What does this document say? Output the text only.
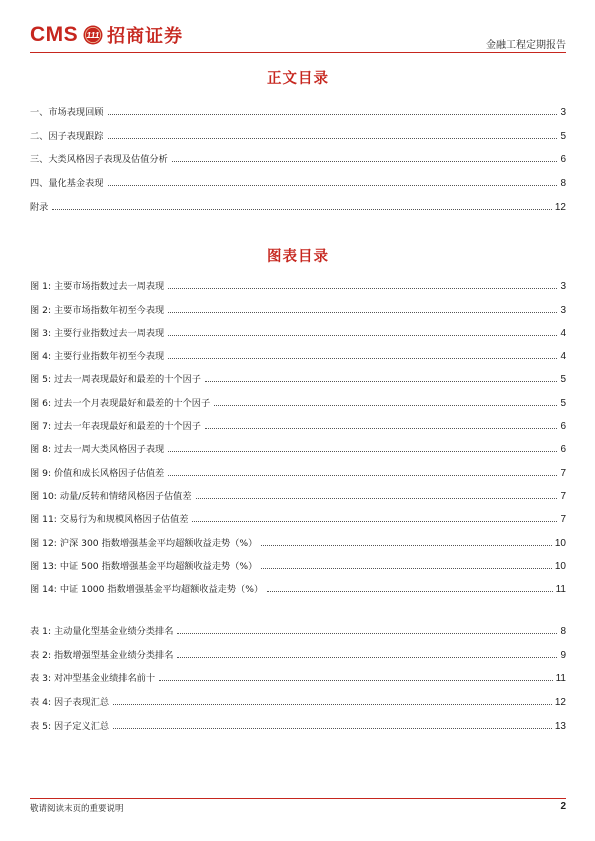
CMS 111 招商证券	金融工程定期报告
正文目录
一、市场表现回顾	3
二、因子表现跟踪	5
三、大类风格因子表现及估值分析	6
四、量化基金表现	8
附录	12
图表目录
图 1: 主要市场指数过去一周表现	3
图 2: 主要市场指数年初至今表现	3
图 3: 主要行业指数过去一周表现	4
图 4: 主要行业指数年初至今表现	4
图 5: 过去一周表现最好和最差的十个因子	5
图 6: 过去一个月表现最好和最差的十个因子	5
图 7: 过去一年表现最好和最差的十个因子	6
图 8: 过去一周大类风格因子表现	6
图 9: 价值和成长风格因子估值差	7
图 10: 动量/反转和情绪风格因子估值差	7
图 11: 交易行为和规模风格因子估值差	7
图 12: 沪深 300 指数增强基金平均超额收益走势（%）	10
图 13: 中证 500 指数增强基金平均超额收益走势（%）	10
图 14: 中证 1000 指数增强基金平均超额收益走势（%）	11
表 1: 主动量化型基金业绩分类排名	8
表 2: 指数增强型基金业绩分类排名	9
表 3: 对冲型基金业绩排名前十	11
表 4: 因子表现汇总	12
表 5: 因子定义汇总	13
敬请阅读末页的重要说明	2
